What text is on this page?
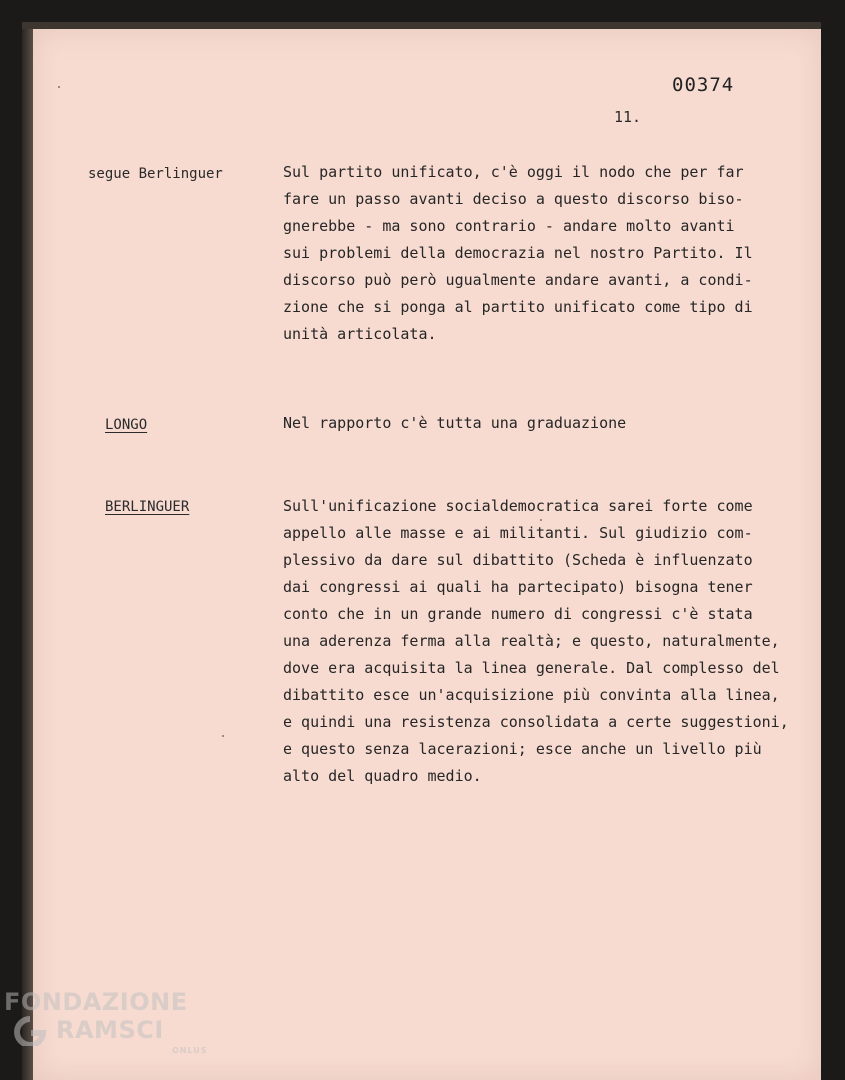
00374
11.
segue Berlinguer	Sul partito unificato, c'è oggi il nodo che per far
fare un passo avanti deciso a questo discorso biso-
gnerebbe - ma sono contrario - andare molto avanti
sui problemi della democrazia nel nostro Partito. Il
discorso può però ugualmente andare avanti, a condi-
zione che si ponga al partito unificato come tipo di
unità articolata.
LONGO	Nel rapporto c'è tutta una graduazione
BERLINGUER	Sull'unificazione socialdemocratica sarei forte come
appello alle masse e ai militanti. Sul giudizio com-
plessivo da dare sul dibattito (Scheda è influenzato
dai congressi ai quali ha partecipato) bisogna tener
conto che in un grande numero di congressi c'è stata
una aderenza ferma alla realtà; e questo, naturalmente,
dove era acquisita la linea generale. Dal complesso del
dibattito esce un'acquisizione più convinta alla linea,
e quindi una resistenza consolidata a certe suggestioni,
e questo senza lacerazioni; esce anche un livello più
alto del quadro medio.
FONDAZIONE
RAMSCI
ONLUS
